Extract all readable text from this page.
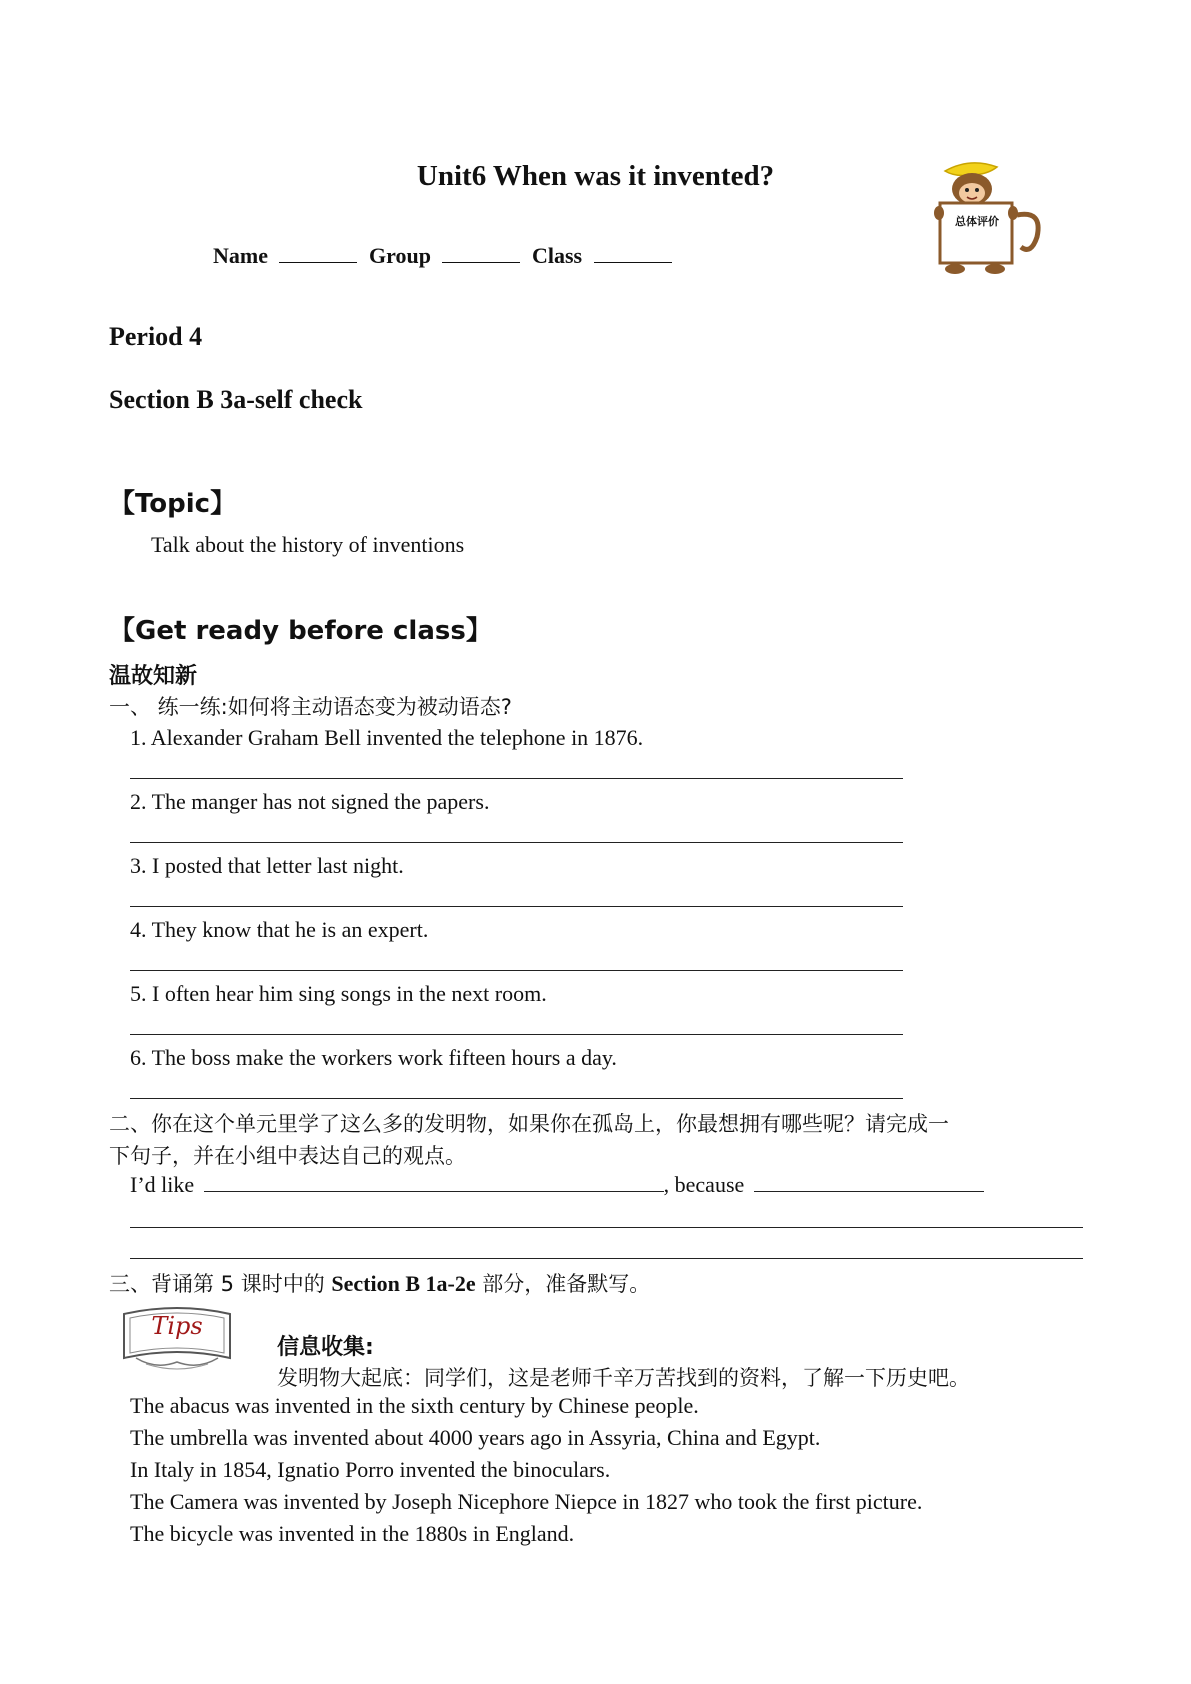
Unit6 When was it invented?
Name	Group	Class
总体评价
Period 4
Section B 3a-self check
【Topic】
Talk about the history of inventions
【Get ready before class】
温故知新
一、 练一练:如何将主动语态变为被动语态?
1. Alexander Graham Bell invented the telephone in 1876.
2. The manger has not signed the papers.
3. I posted that letter last night.
4. They know that he is an expert.
5. I often hear him sing songs in the next room.
6. The boss make the workers work fifteen hours a day.
二、你在这个单元里学了这么多的发明物，如果你在孤岛上，你最想拥有哪些呢？请完成一
下句子，并在小组中表达自己的观点。
I’d like	, because
三、背诵第 5 课时中的 Section B 1a-2e 部分，准备默写。
Tips
信息收集:
发明物大起底：同学们，这是老师千辛万苦找到的资料，了解一下历史吧。
The abacus was invented in the sixth century by Chinese people.
The umbrella was invented about 4000 years ago in Assyria, China and Egypt.
In Italy in 1854, Ignatio Porro invented the binoculars.
The Camera was invented by Joseph Nicephore Niepce in 1827 who took the first picture.
The bicycle was invented in the 1880s in England.
